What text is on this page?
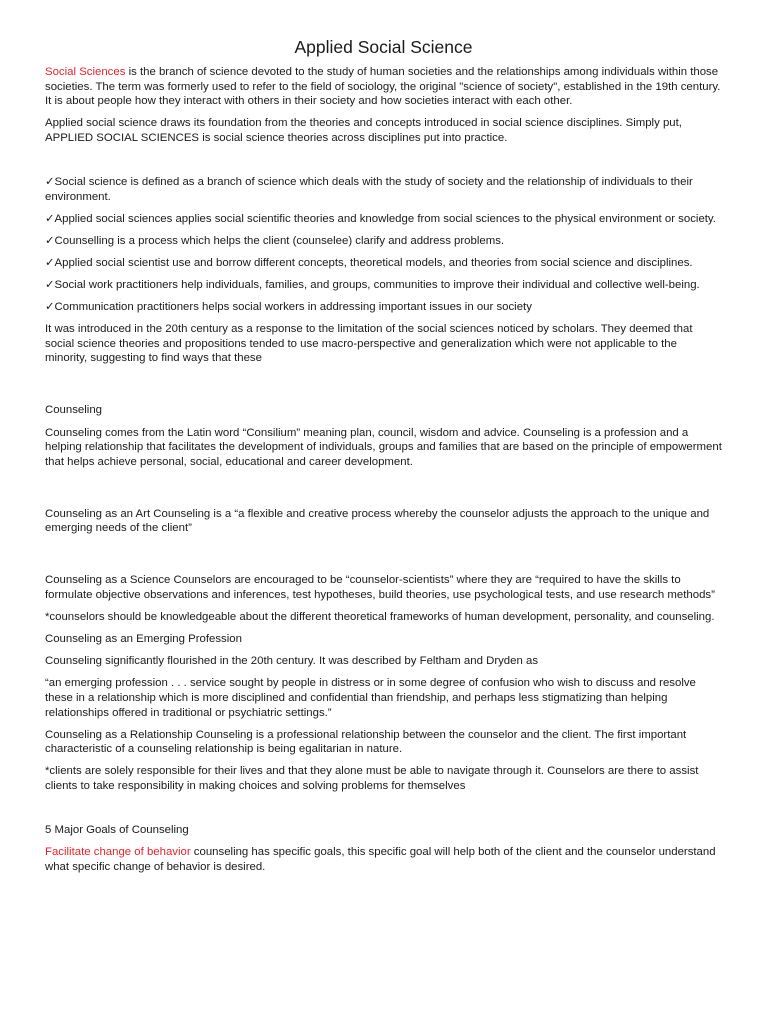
Applied Social Science

Social Sciences is the branch of science devoted to the study of human societies and the relationships among individuals within those societies. The term was formerly used to refer to the field of sociology, the original "science of society", established in the 19th century. It is about people how they interact with others in their society and how societies interact with each other.

Applied social science draws its foundation from the theories and concepts introduced in social science disciplines. Simply put, APPLIED SOCIAL SCIENCES is social science theories across disciplines put into practice.

✓Social science is defined as a branch of science which deals with the study of society and the relationship of individuals to their environment.

✓Applied social sciences applies social scientific theories and knowledge from social sciences to the physical environment or society.

✓Counselling is a process which helps the client (counselee) clarify and address problems.

✓Applied social scientist use and borrow different concepts, theoretical models, and theories from social science and disciplines.

✓Social work practitioners help individuals, families, and groups, communities to improve their individual and collective well-being.

✓Communication practitioners helps social workers in addressing important issues in our society

It was introduced in the 20th century as a response to the limitation of the social sciences noticed by scholars. They deemed that social science theories and propositions tended to use macro-perspective and generalization which were not applicable to the minority, suggesting to find ways that these

Counseling

Counseling comes from the Latin word “Consilium” meaning plan, council, wisdom and advice. Counseling is a profession and a helping relationship that facilitates the development of individuals, groups and families that are based on the principle of empowerment that helps achieve personal, social, educational and career development.

Counseling as an Art Counseling is a “a flexible and creative process whereby the counselor adjusts the approach to the unique and emerging needs of the client”

Counseling as a Science Counselors are encouraged to be “counselor-scientists” where they are “required to have the skills to formulate objective observations and inferences, test hypotheses, build theories, use psychological tests, and use research methods”

*counselors should be knowledgeable about the different theoretical frameworks of human development, personality, and counseling.

Counseling as an Emerging Profession

Counseling significantly flourished in the 20th century. It was described by Feltham and Dryden as

“an emerging profession . . . service sought by people in distress or in some degree of confusion who wish to discuss and resolve these in a relationship which is more disciplined and confidential than friendship, and perhaps less stigmatizing than helping relationships offered in traditional or psychiatric settings.”

Counseling as a Relationship Counseling is a professional relationship between the counselor and the client. The first important characteristic of a counseling relationship is being egalitarian in nature.

*clients are solely responsible for their lives and that they alone must be able to navigate through it. Counselors are there to assist clients to take responsibility in making choices and solving problems for themselves

5 Major Goals of Counseling

Facilitate change of behavior counseling has specific goals, this specific goal will help both of the client and the counselor understand what specific change of behavior is desired.
